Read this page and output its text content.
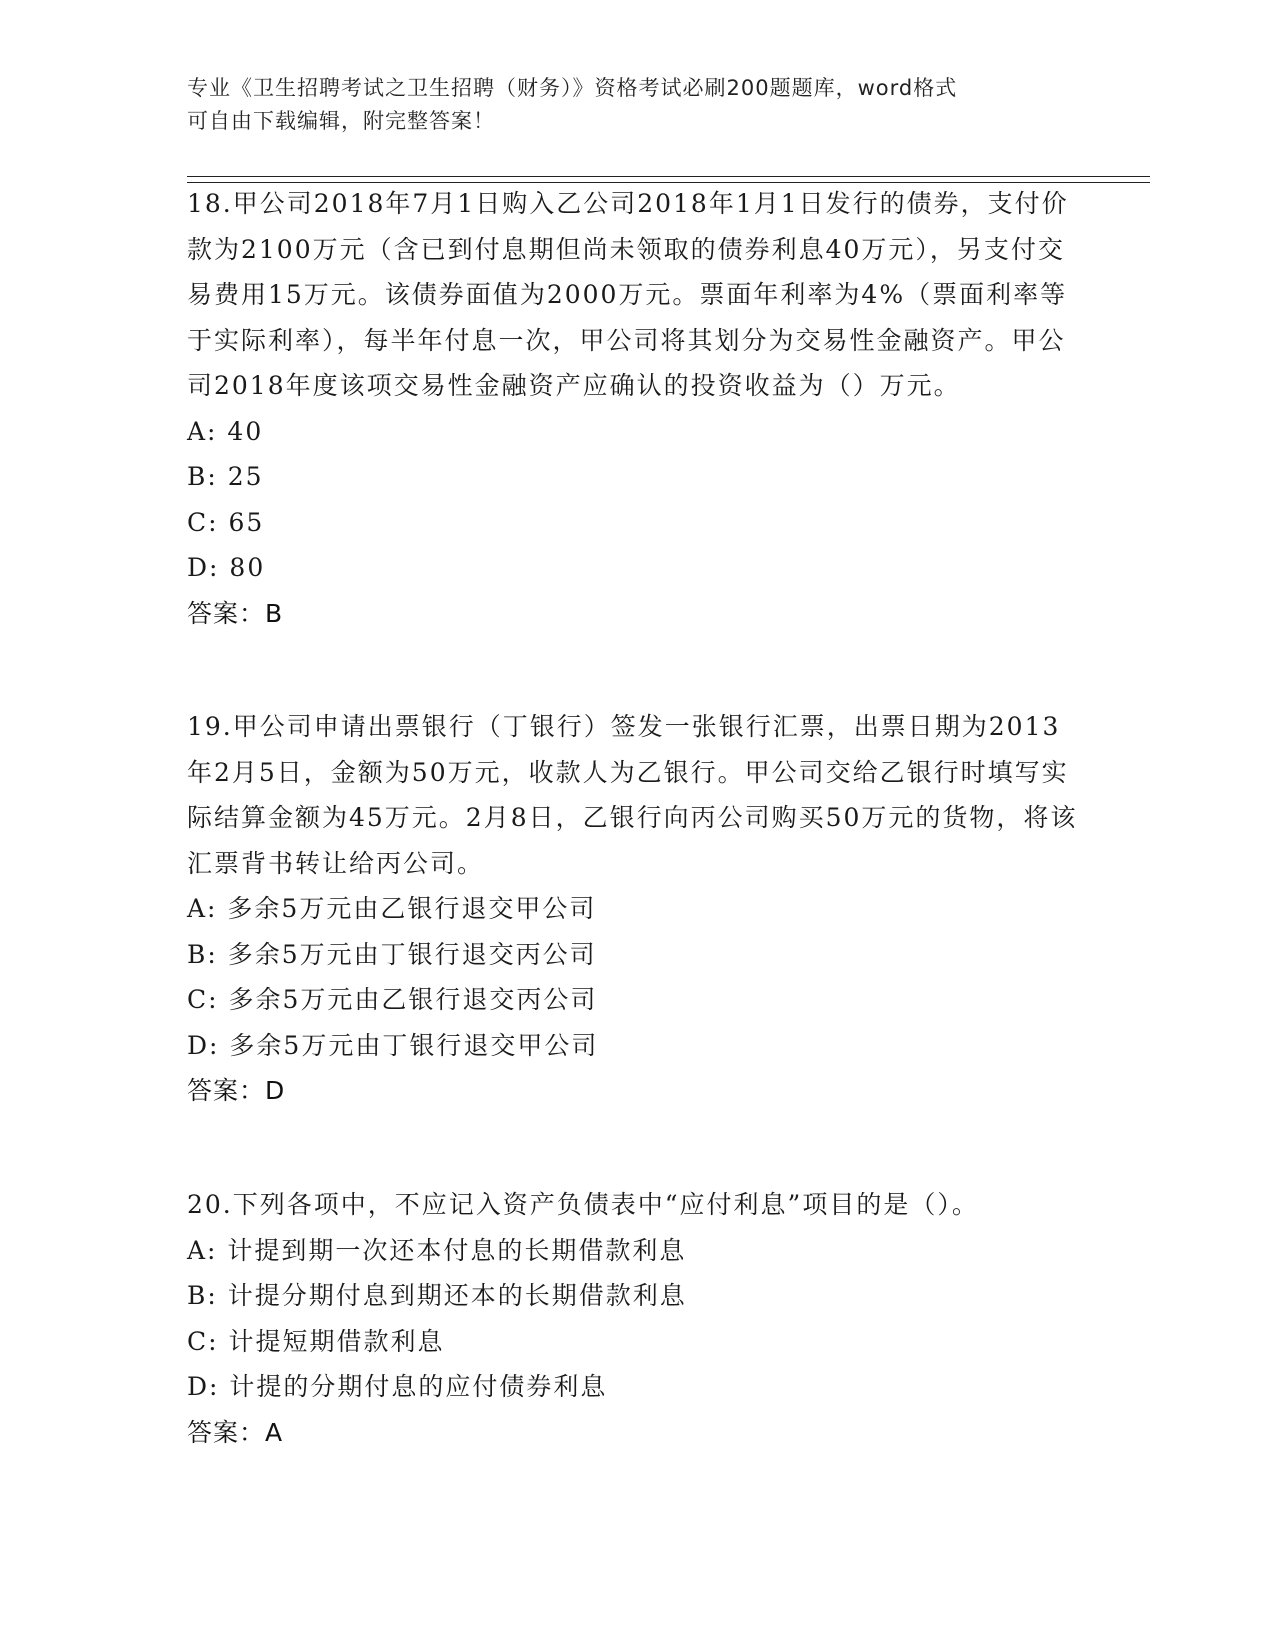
专业《卫生招聘考试之卫生招聘（财务）》资格考试必刷200题题库，word格式
可自由下载编辑，附完整答案！
18.甲公司2018年7月1日购入乙公司2018年1月1日发行的债券，支付价款为2100万元（含已到付息期但尚未领取的债券利息40万元），另支付交易费用15万元。该债券面值为2000万元。票面年利率为4%（票面利率等于实际利率），每半年付息一次，甲公司将其划分为交易性金融资产。甲公司2018年度该项交易性金融资产应确认的投资收益为（）万元。
A: 40
B: 25
C: 65
D: 80
答案：B
19.甲公司申请出票银行（丁银行）签发一张银行汇票，出票日期为2013年2月5日，金额为50万元，收款人为乙银行。甲公司交给乙银行时填写实际结算金额为45万元。2月8日，乙银行向丙公司购买50万元的货物，将该汇票背书转让给丙公司。
A: 多余5万元由乙银行退交甲公司
B: 多余5万元由丁银行退交丙公司
C: 多余5万元由乙银行退交丙公司
D: 多余5万元由丁银行退交甲公司
答案：D
20.下列各项中，不应记入资产负债表中“应付利息”项目的是（）。
A: 计提到期一次还本付息的长期借款利息
B: 计提分期付息到期还本的长期借款利息
C: 计提短期借款利息
D: 计提的分期付息的应付债券利息
答案：A
